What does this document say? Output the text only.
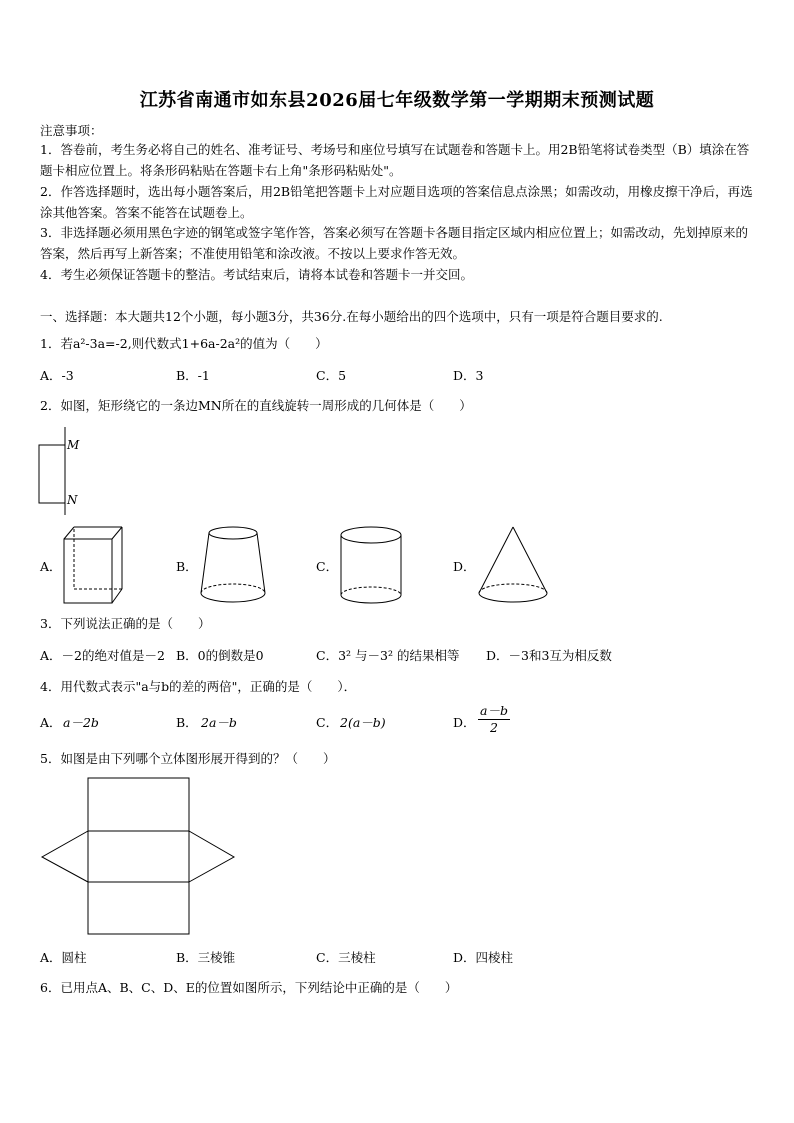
江苏省南通市如东县2026届七年级数学第一学期期末预测试题
注意事项：
1．答卷前，考生务必将自己的姓名、准考证号、考场号和座位号填写在试题卷和答题卡上。用2B铅笔将试卷类型（B）填涂在答题卡相应位置上。将条形码粘贴在答题卡右上角"条形码粘贴处"。
2．作答选择题时，选出每小题答案后，用2B铅笔把答题卡上对应题目选项的答案信息点涂黑；如需改动，用橡皮擦干净后，再选涂其他答案。答案不能答在试题卷上。
3．非选择题必须用黑色字迹的钢笔或签字笔作答，答案必须写在答题卡各题目指定区域内相应位置上；如需改动，先划掉原来的答案，然后再写上新答案；不准使用铅笔和涂改液。不按以上要求作答无效。
4．考生必须保证答题卡的整洁。考试结束后，请将本试卷和答题卡一并交回。
一、选择题：本大题共12个小题，每小题3分，共36分.在每小题给出的四个选项中，只有一项是符合题目要求的.
1．若a²-3a=-2,则代数式1+6a-2a²的值为（　　）
A．-3	B．-1	C．5	D．3
2．如图，矩形绕它的一条边MN所在的直线旋转一周形成的几何体是（　　）
M
N
A．	B．	C．	D．
3．下列说法正确的是（　　）
A．－2的绝对值是－2 B．0的倒数是0	C．3² 与－3² 的结果相等 D．－3和3互为相反数
4．用代数式表示"a与b的差的两倍"，正确的是（　　）．
A． a－2b	B． 2a－b	C． 2(a－b)	D． $\frac{a-b}{2}$
5．如图是由下列哪个立体图形展开得到的？（　　）
A．圆柱	B．三棱锥	C．三棱柱	D．四棱柱
6．已用点A、B、C、D、E的位置如图所示，下列结论中正确的是（　　）
